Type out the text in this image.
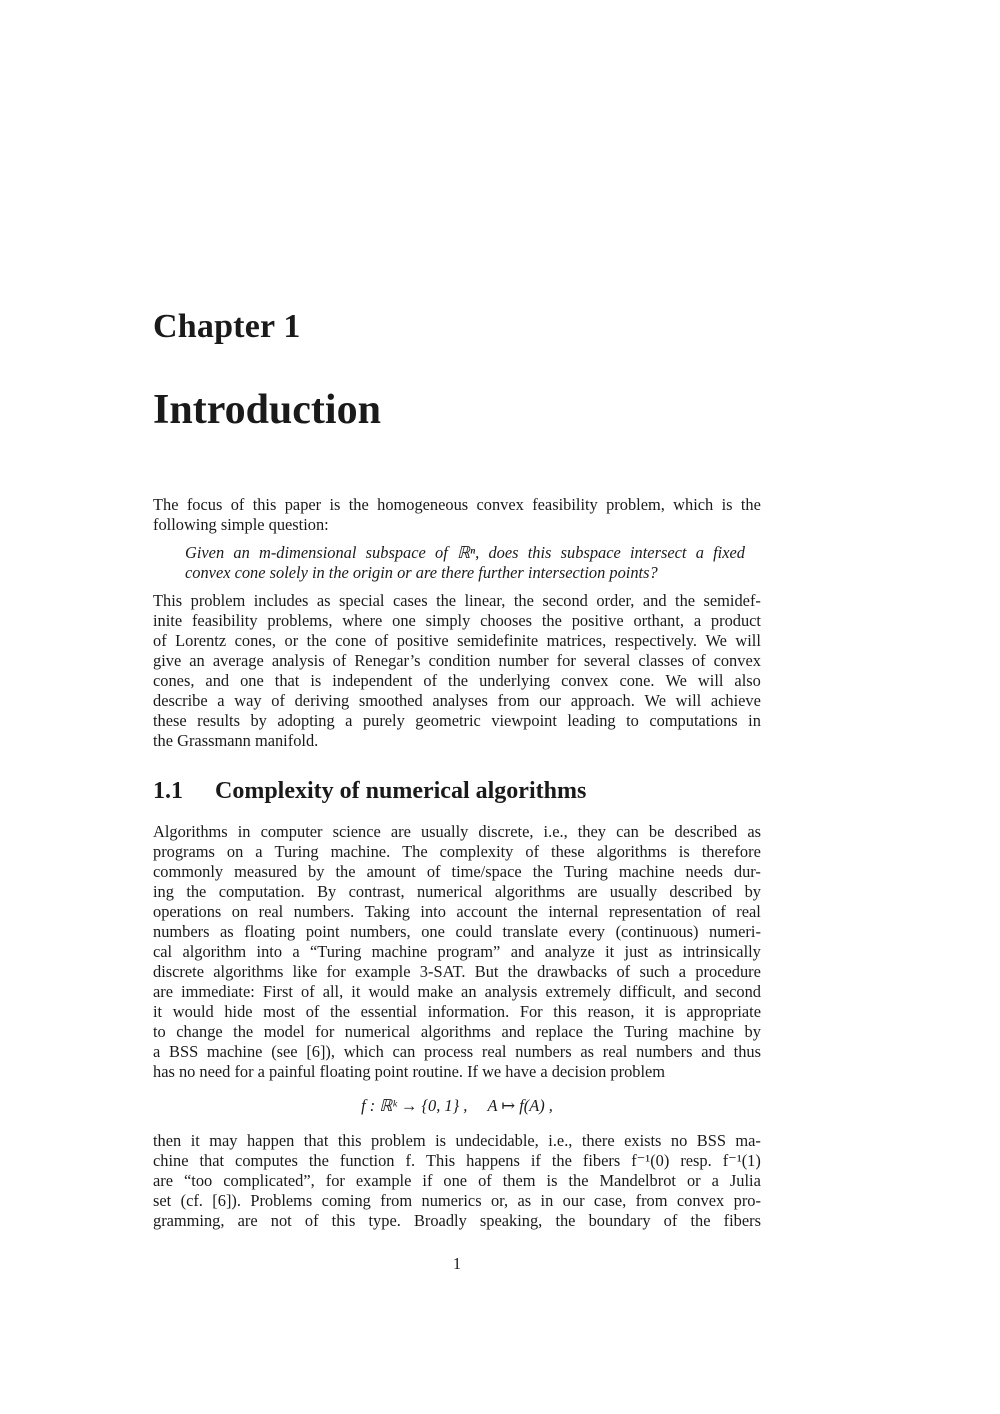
Chapter 1
Introduction
The focus of this paper is the homogeneous convex feasibility problem, which is the
following simple question:
Given an m-dimensional subspace of ℝⁿ, does this subspace intersect a fixed
convex cone solely in the origin or are there further intersection points?
This problem includes as special cases the linear, the second order, and the semidef-
inite feasibility problems, where one simply chooses the positive orthant, a product
of Lorentz cones, or the cone of positive semidefinite matrices, respectively. We will
give an average analysis of Renegar’s condition number for several classes of convex
cones, and one that is independent of the underlying convex cone. We will also
describe a way of deriving smoothed analyses from our approach. We will achieve
these results by adopting a purely geometric viewpoint leading to computations in
the Grassmann manifold.
1.1 Complexity of numerical algorithms
Algorithms in computer science are usually discrete, i.e., they can be described as
programs on a Turing machine. The complexity of these algorithms is therefore
commonly measured by the amount of time/space the Turing machine needs dur-
ing the computation. By contrast, numerical algorithms are usually described by
operations on real numbers. Taking into account the internal representation of real
numbers as floating point numbers, one could translate every (continuous) numeri-
cal algorithm into a “Turing machine program” and analyze it just as intrinsically
discrete algorithms like for example 3-SAT. But the drawbacks of such a procedure
are immediate: First of all, it would make an analysis extremely difficult, and second
it would hide most of the essential information. For this reason, it is appropriate
to change the model for numerical algorithms and replace the Turing machine by
a BSS machine (see [6]), which can process real numbers as real numbers and thus
has no need for a painful floating point routine. If we have a decision problem
f : ℝᵏ → {0, 1} ,     A ↦ f(A) ,
then it may happen that this problem is undecidable, i.e., there exists no BSS ma-
chine that computes the function f. This happens if the fibers f⁻¹(0) resp. f⁻¹(1)
are “too complicated”, for example if one of them is the Mandelbrot or a Julia
set (cf. [6]). Problems coming from numerics or, as in our case, from convex pro-
gramming, are not of this type. Broadly speaking, the boundary of the fibers
1
